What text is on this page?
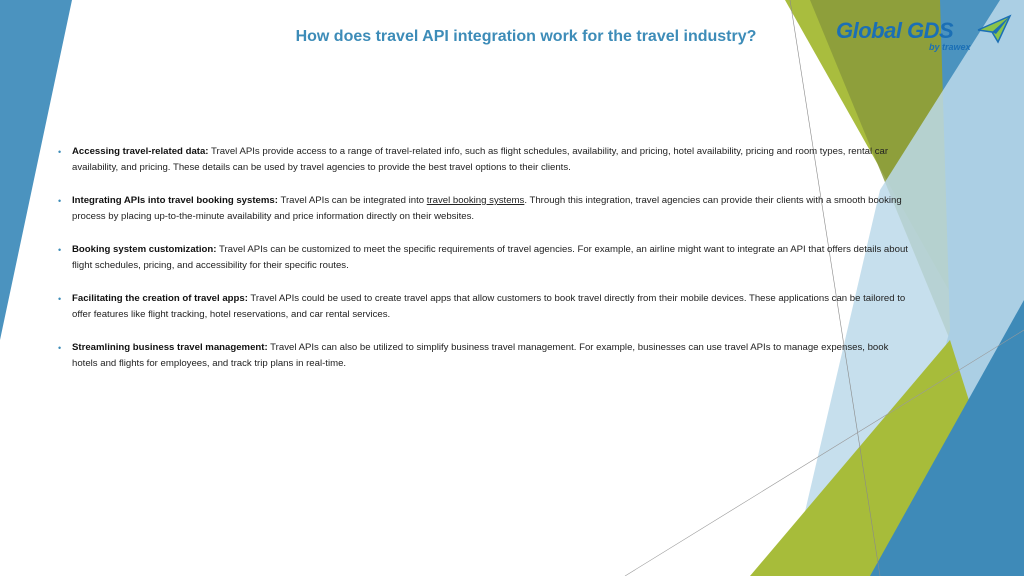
How does travel API integration work for the travel industry?	Global GDS
by trawex
• Accessing travel-related data: Travel APIs provide access to a range of travel-related info, such as flight schedules, availability, and pricing, hotel availability, pricing and room types, rental car availability, and pricing. These details can be used by travel agencies to provide the best travel options to their clients.
• Integrating APIs into travel booking systems: Travel APIs can be integrated into travel booking systems. Through this integration, travel agencies can provide their clients with a smooth booking process by placing up-to-the-minute availability and price information directly on their websites.
• Booking system customization: Travel APIs can be customized to meet the specific requirements of travel agencies. For example, an airline might want to integrate an API that offers details about flight schedules, pricing, and accessibility for their specific routes.
• Facilitating the creation of travel apps: Travel APIs could be used to create travel apps that allow customers to book travel directly from their mobile devices. These applications can be tailored to offer features like flight tracking, hotel reservations, and car rental services.
• Streamlining business travel management: Travel APIs can also be utilized to simplify business travel management. For example, businesses can use travel APIs to manage expenses, book hotels and flights for employees, and track trip plans in real-time.
